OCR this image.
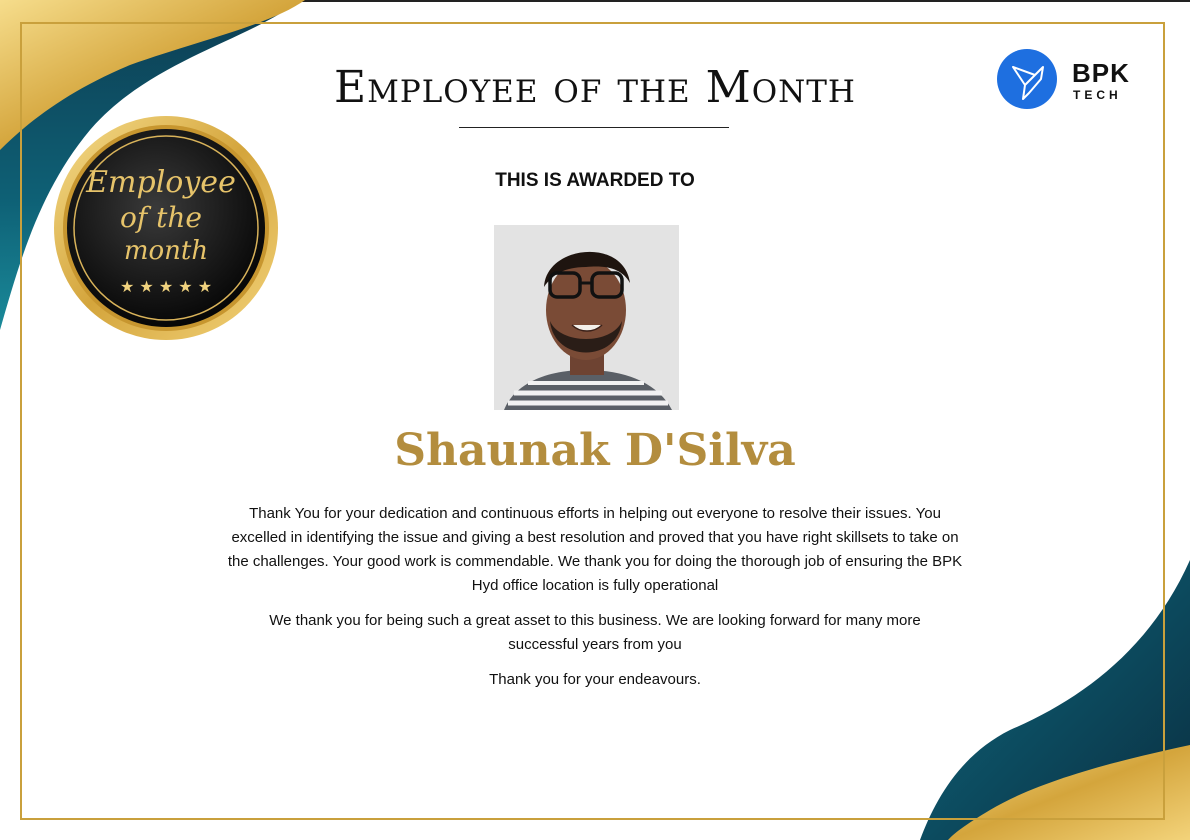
Employee
of the
month
★ ★ ★ ★ ★
Employee of the Month
THIS IS AWARDED TO
Shaunak D'Silva

Thank You for your dedication and continuous efforts in helping out everyone to resolve their issues. You excelled in identifying the issue and giving a best resolution and proved that you have right skillsets to take on the challenges. Your good work is commendable. We thank you for doing the thorough job of ensuring the BPK Hyd office location is fully operational

We thank you for being such a great asset to this business. We are looking forward for many more successful years from you

Thank you for your endeavours.

BPK
TECH
